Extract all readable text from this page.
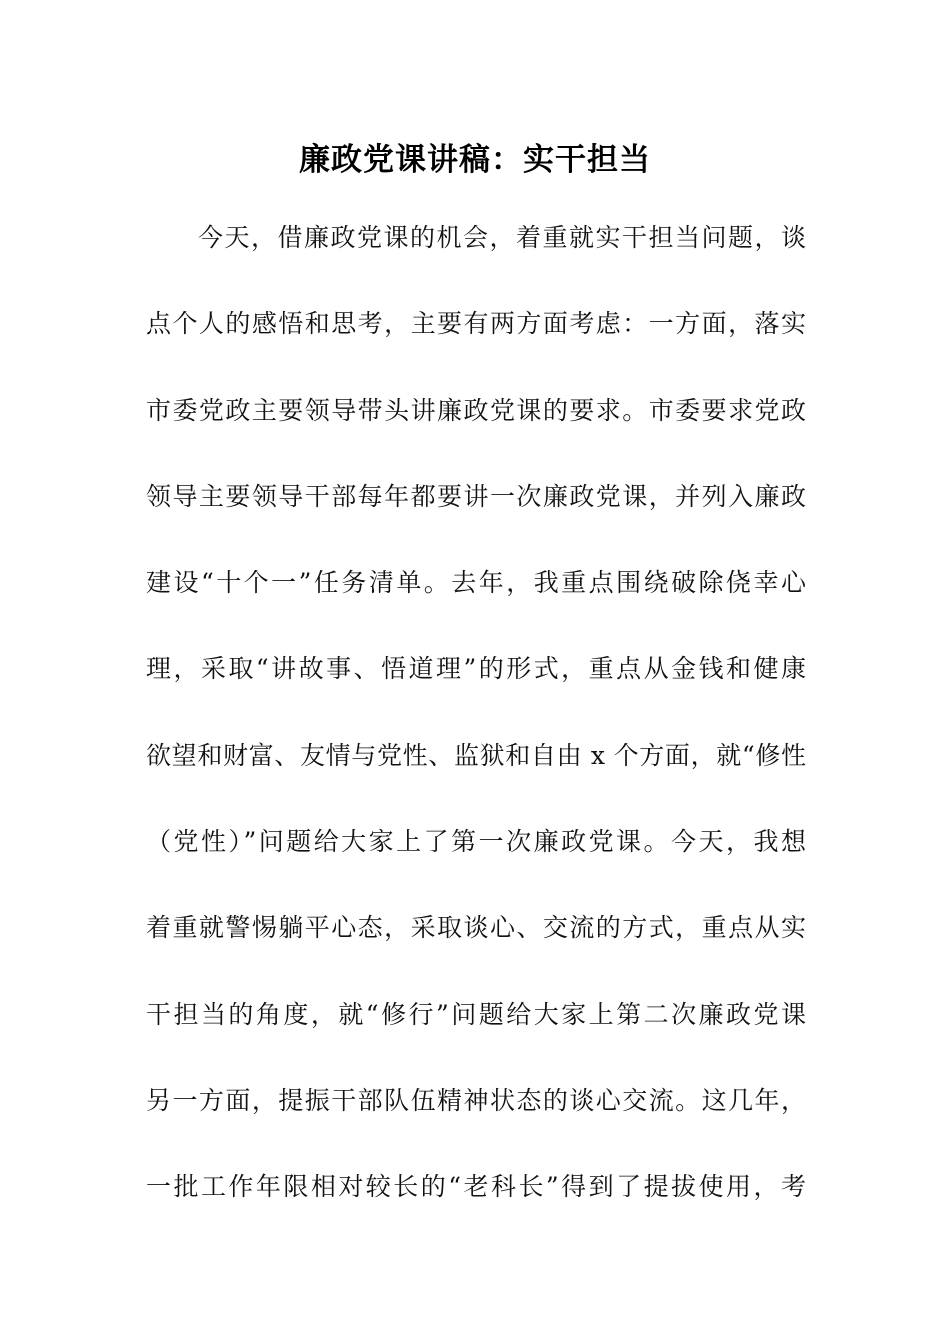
廉政党课讲稿：实干担当
今天，借廉政党课的机会，着重就实干担当问题，谈
点个人的感悟和思考，主要有两方面考虑：一方面，落实
市委党政主要领导带头讲廉政党课的要求。市委要求党政
领导主要领导干部每年都要讲一次廉政党课，并列入廉政
建设“十个一”任务清单。去年，我重点围绕破除侥幸心
理，采取“讲故事、悟道理”的形式，重点从金钱和健康
欲望和财富、友情与党性、监狱和自由 x 个方面，就“修性
（党性）”问题给大家上了第一次廉政党课。今天，我想
着重就警惕躺平心态，采取谈心、交流的方式，重点从实
干担当的角度，就“修行”问题给大家上第二次廉政党课
另一方面，提振干部队伍精神状态的谈心交流。这几年，
一批工作年限相对较长的“老科长”得到了提拔使用，考
